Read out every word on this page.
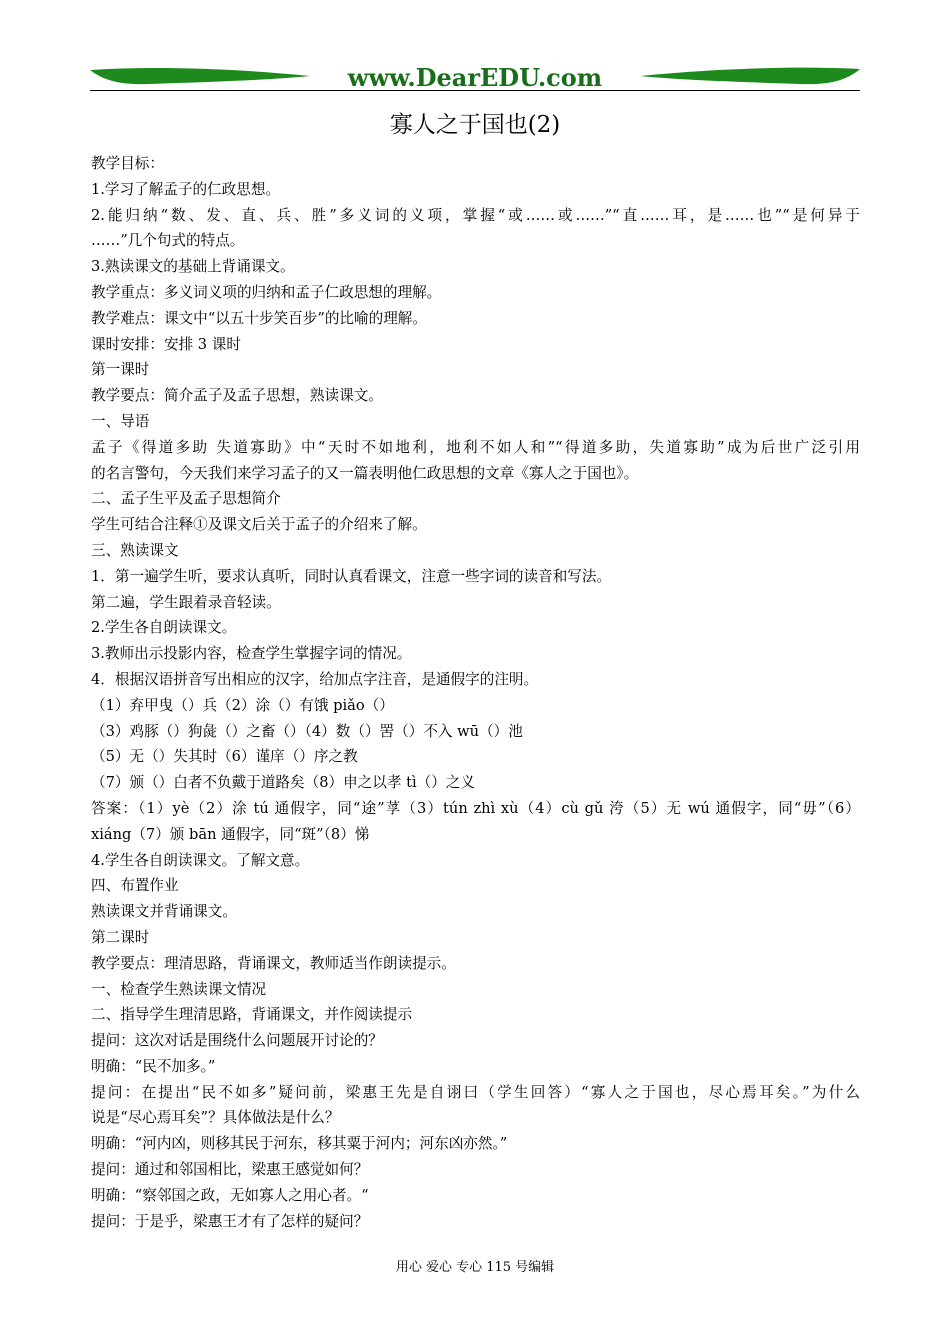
www.DearEDU.com
寡人之于国也(2)
教学目标：
1.学习了解孟子的仁政思想。
2.能归纳“数、发、直、兵、胜”多义词的义项，掌握“或……或……”“直……耳，是……也”“是何异于
……”几个句式的特点。
3.熟读课文的基础上背诵课文。
教学重点：多义词义项的归纳和孟子仁政思想的理解。
教学难点：课文中“以五十步笑百步”的比喻的理解。
课时安排：安排 3 课时
第一课时
教学要点：简介孟子及孟子思想，熟读课文。
一、导语
孟子《得道多助 失道寡助》中“天时不如地利，地利不如人和”“得道多助，失道寡助”成为后世广泛引用
的名言警句，今天我们来学习孟子的又一篇表明他仁政思想的文章《寡人之于国也》。
二、孟子生平及孟子思想简介
学生可结合注释①及课文后关于孟子的介绍来了解。
三、熟读课文
1．第一遍学生听，要求认真听，同时认真看课文，注意一些字词的读音和写法。
第二遍，学生跟着录音轻读。
2.学生各自朗读课文。
3.教师出示投影内容，检查学生掌握字词的情况。
4．根据汉语拼音写出相应的汉字，给加点字注音，是通假字的注明。
（1）弃甲曳（）兵（2）涂（）有饿 piǎo（）
（3）鸡豚（）狗彘（）之畜（）（4）数（）罟（）不入 wū（）池
（5）无（）失其时（6）谨庠（）序之教
（7）颁（）白者不负戴于道路矣（8）申之以孝 tì（）之义
答案：（1）yè（2）涂 tú 通假字，同“途”莩（3）tún zhì xù（4）cù gǔ 洿（5）无 wú 通假字，同“毋”（6）
xiáng（7）颁 bān 通假字，同“斑”（8）悌
4.学生各自朗读课文。了解文意。
四、布置作业
熟读课文并背诵课文。
第二课时
教学要点：理清思路，背诵课文，教师适当作朗读提示。
一、检查学生熟读课文情况
二、指导学生理清思路，背诵课文，并作阅读提示
提问：这次对话是围绕什么问题展开讨论的？
明确：“民不加多。”
提问：在提出“民不如多”疑问前，梁惠王先是自诩曰（学生回答）“寡人之于国也，尽心焉耳矣。”为什么
说是“尽心焉耳矣”？具体做法是什么？
明确：“河内凶，则移其民于河东，移其粟于河内；河东凶亦然。”
提问：通过和邻国相比，梁惠王感觉如何？
明确：“察邻国之政，无如寡人之用心者。“
提问：于是乎，梁惠王才有了怎样的疑问？
用心 爱心 专心 115 号编辑
